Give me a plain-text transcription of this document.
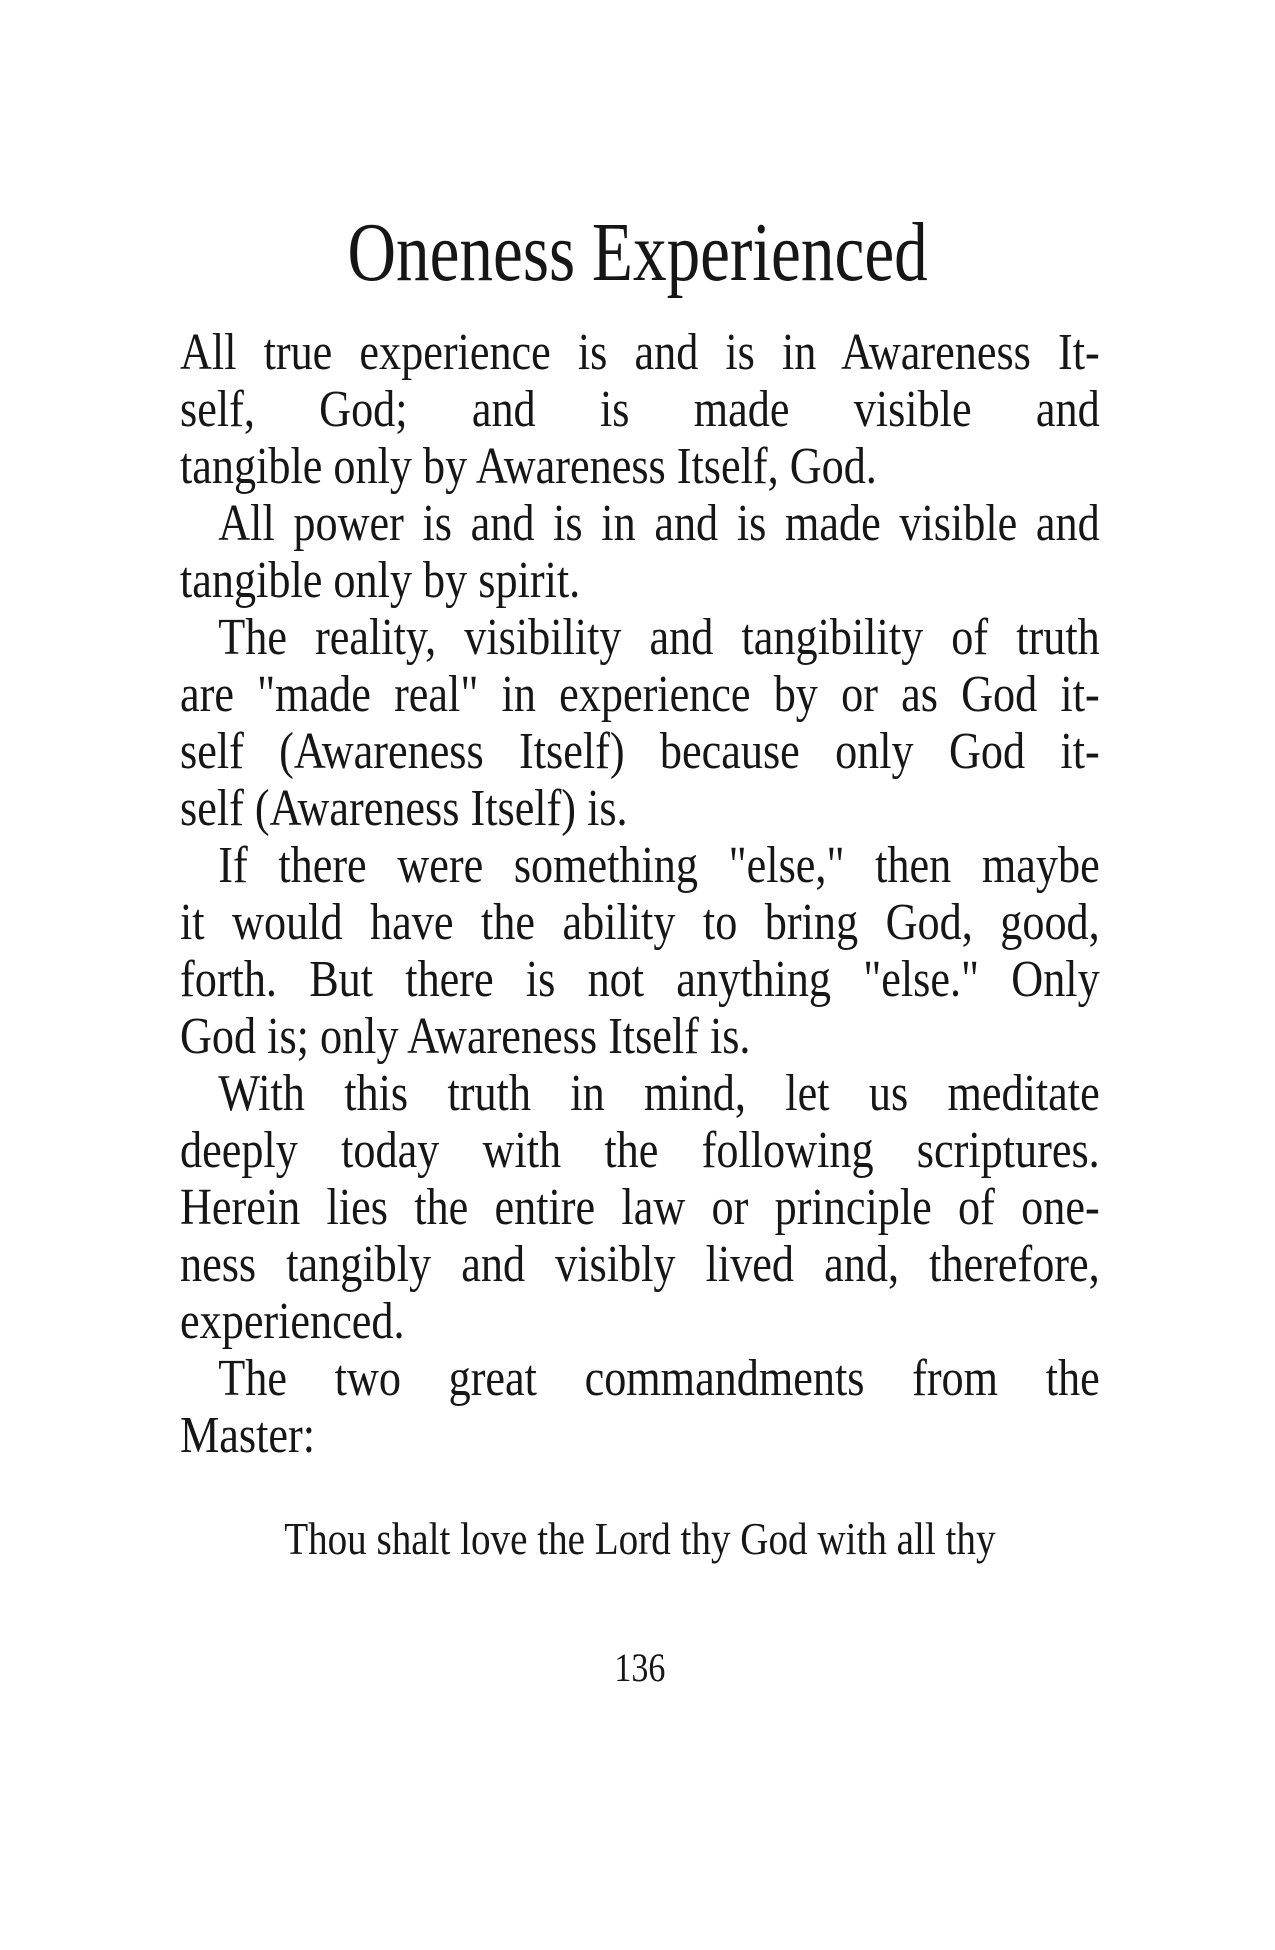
Oneness Experienced
All true experience is and is in Awareness It-
self, God; and is made visible and
tangible only by Awareness Itself, God.
All power is and is in and is made visible and
tangible only by spirit.
The reality, visibility and tangibility of truth
are "made real" in experience by or as God it-
self (Awareness Itself) because only God it-
self (Awareness Itself) is.
If there were something "else," then maybe
it would have the ability to bring God, good,
forth. But there is not anything "else." Only
God is; only Awareness Itself is.
With this truth in mind, let us meditate
deeply today with the following scriptures.
Herein lies the entire law or principle of one-
ness tangibly and visibly lived and, therefore,
experienced.
The two great commandments from the
Master:
Thou shalt love the Lord thy God with all thy
136
